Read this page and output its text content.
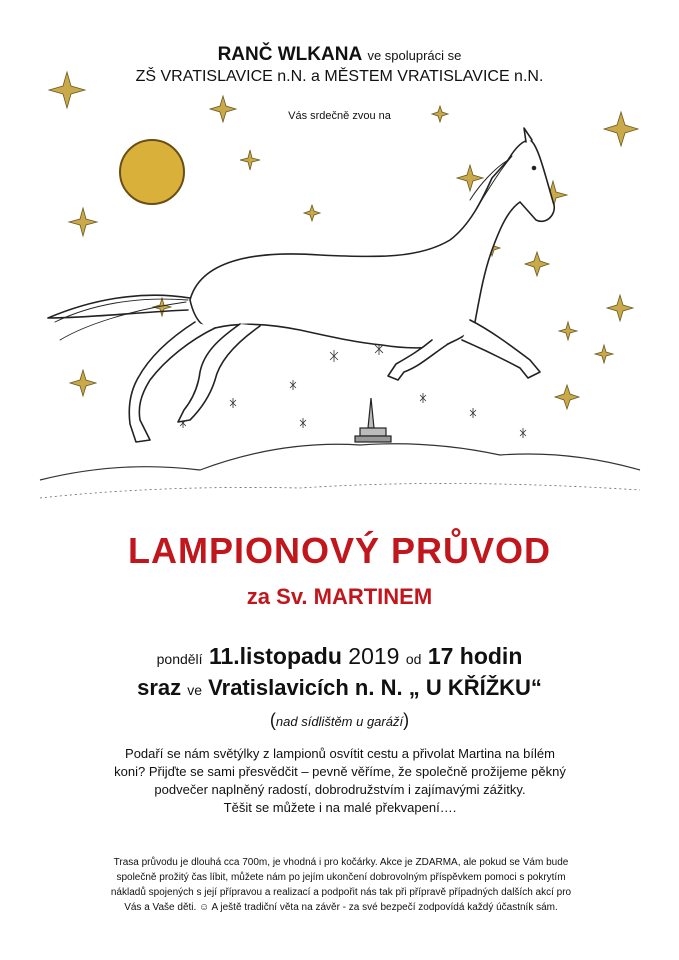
RANČ WLKANA ve spolupráci se
ZŠ VRATISLAVICE n.N. a MĚSTEM VRATISLAVICE n.N.
Vás srdečně zvou na
LAMPIONOVÝ PRŮVOD
za Sv. MARTINEM
pondělí 11.listopadu 2019 od 17 hodin
sraz ve Vratislavicích n. N. „ U KŘÍŽKU“
(nad sídlištěm u garáží)
Podaří se nám světýlky z lampionů osvítit cestu a přivolat Martina na bílém
koni? Přijďte se sami přesvědčit – pevně věříme, že společně prožijeme pěkný
podvečer naplněný radostí, dobrodružstvím i zajímavými zážitky.
Těšit se můžete i na malé překvapení….
Trasa průvodu je dlouhá cca 700m, je vhodná i pro kočárky. Akce je ZDARMA, ale pokud se Vám bude
společně prožitý čas líbit, můžete nám po jejím ukončení dobrovolným příspěvkem pomoci s pokrytím
nákladů spojených s její přípravou a realizací a podpořit nás tak při přípravě případných dalších akcí pro
Vás a Vaše děti. ☺ A ještě tradiční věta na závěr - za své bezpečí zodpovídá každý účastník sám.
